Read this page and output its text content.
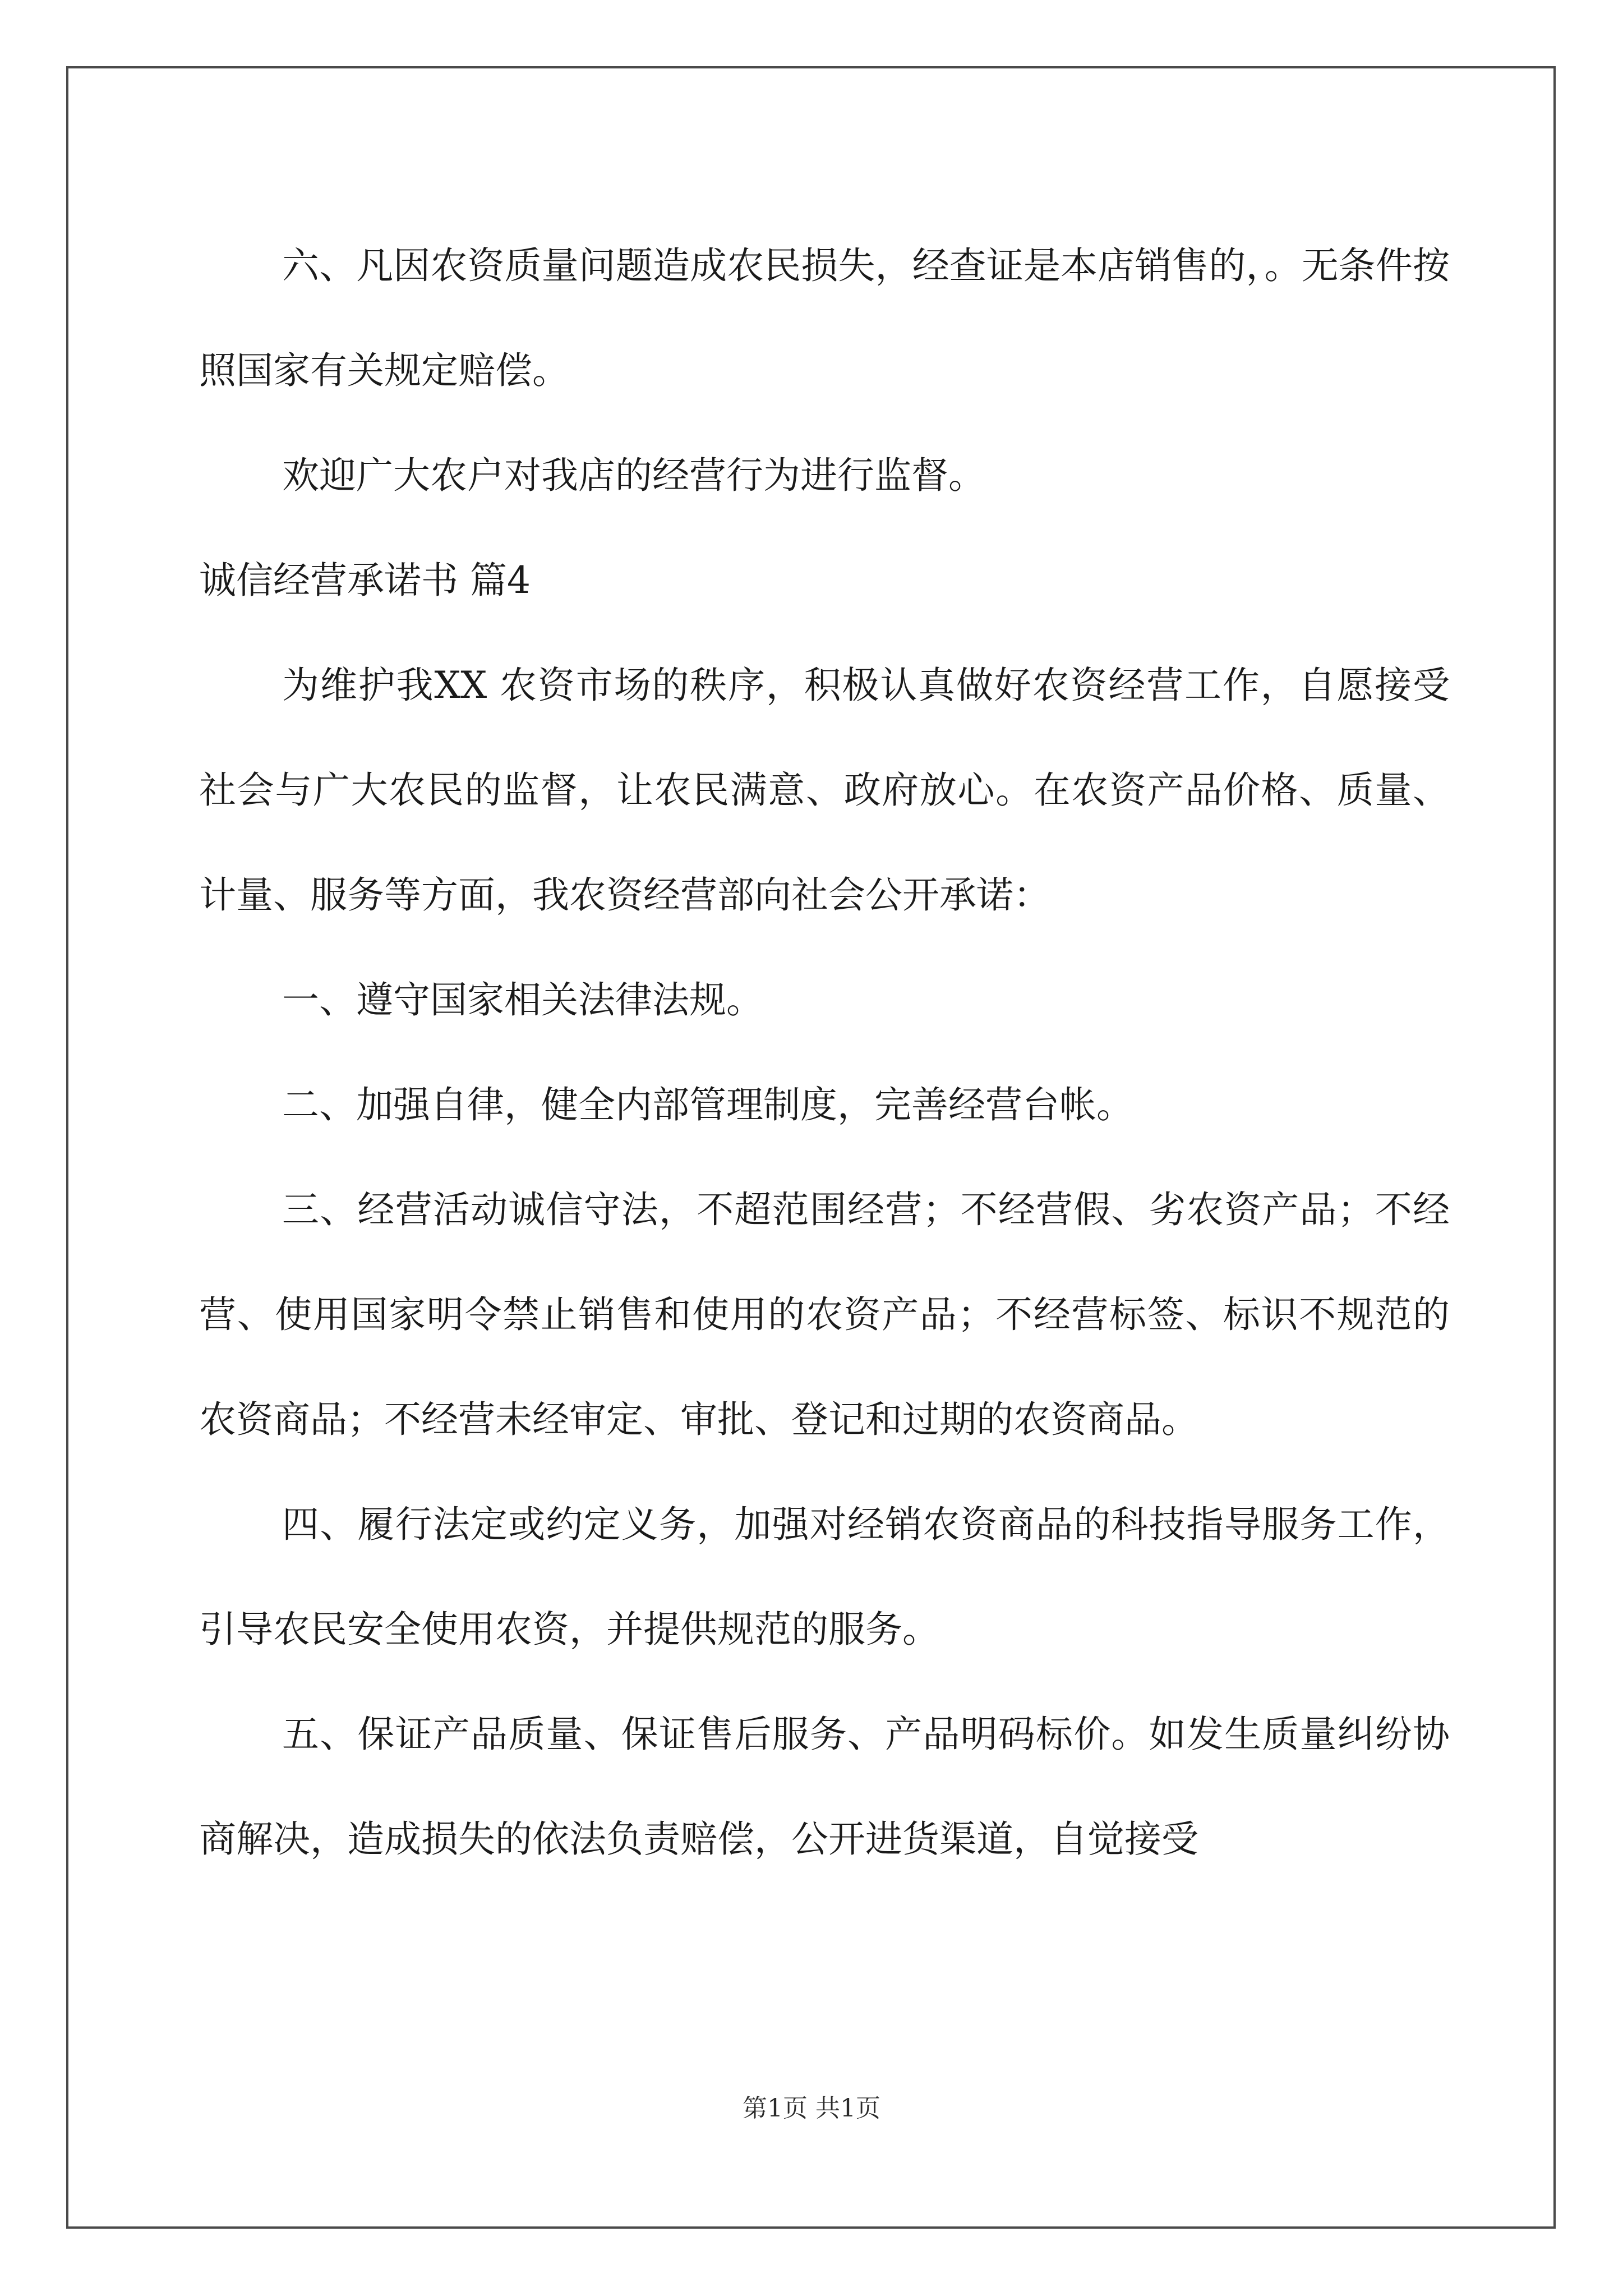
六、凡因农资质量问题造成农民损失，经查证是本店销售的，。无条件按照国家有关规定赔偿。

欢迎广大农户对我店的经营行为进行监督。

诚信经营承诺书 篇4

为维护我XX 农资市场的秩序，积极认真做好农资经营工作，自愿接受社会与广大农民的监督，让农民满意、政府放心。在农资产品价格、质量、计量、服务等方面，我农资经营部向社会公开承诺：

一、遵守国家相关法律法规。

二、加强自律，健全内部管理制度，完善经营台帐。

三、经营活动诚信守法，不超范围经营；不经营假、劣农资产品；不经营、使用国家明令禁止销售和使用的农资产品；不经营标签、标识不规范的农资商品；不经营未经审定、审批、登记和过期的农资商品。

四、履行法定或约定义务，加强对经销农资商品的科技指导服务工作，引导农民安全使用农资，并提供规范的服务。

五、保证产品质量、保证售后服务、产品明码标价。如发生质量纠纷协商解决，造成损失的依法负责赔偿，公开进货渠道，自觉接受

第1页 共1页
